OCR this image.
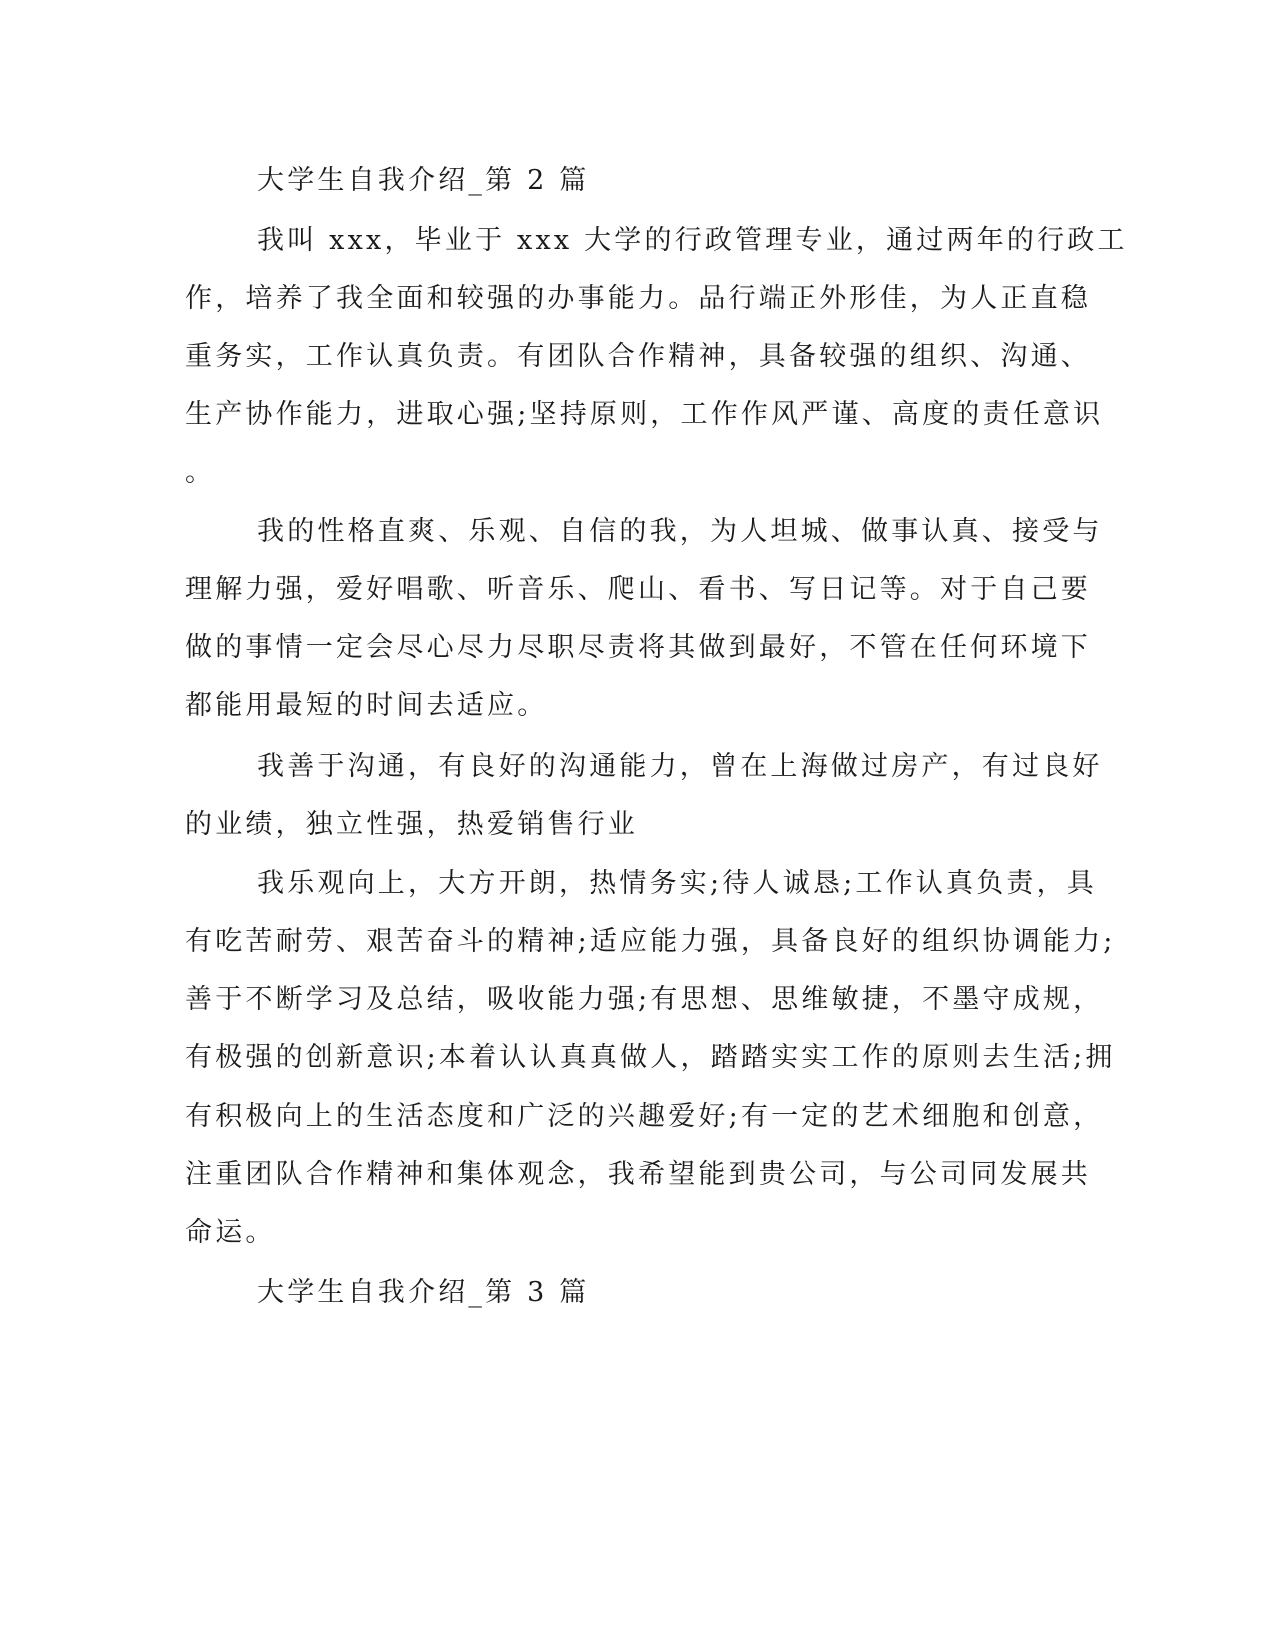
大学生自我介绍_第 2 篇
我叫 xxx，毕业于 xxx 大学的行政管理专业，通过两年的行政工
作，培养了我全面和较强的办事能力。品行端正外形佳，为人正直稳
重务实，工作认真负责。有团队合作精神，具备较强的组织、沟通、
生产协作能力，进取心强;坚持原则，工作作风严谨、高度的责任意识
。
我的性格直爽、乐观、自信的我，为人坦城、做事认真、接受与
理解力强，爱好唱歌、听音乐、爬山、看书、写日记等。对于自己要
做的事情一定会尽心尽力尽职尽责将其做到最好，不管在任何环境下
都能用最短的时间去适应。
我善于沟通，有良好的沟通能力，曾在上海做过房产，有过良好
的业绩，独立性强，热爱销售行业
我乐观向上，大方开朗，热情务实;待人诚恳;工作认真负责，具
有吃苦耐劳、艰苦奋斗的精神;适应能力强，具备良好的组织协调能力;
善于不断学习及总结，吸收能力强;有思想、思维敏捷，不墨守成规，
有极强的创新意识;本着认认真真做人，踏踏实实工作的原则去生活;拥
有积极向上的生活态度和广泛的兴趣爱好;有一定的艺术细胞和创意，
注重团队合作精神和集体观念，我希望能到贵公司，与公司同发展共
命运。
大学生自我介绍_第 3 篇
